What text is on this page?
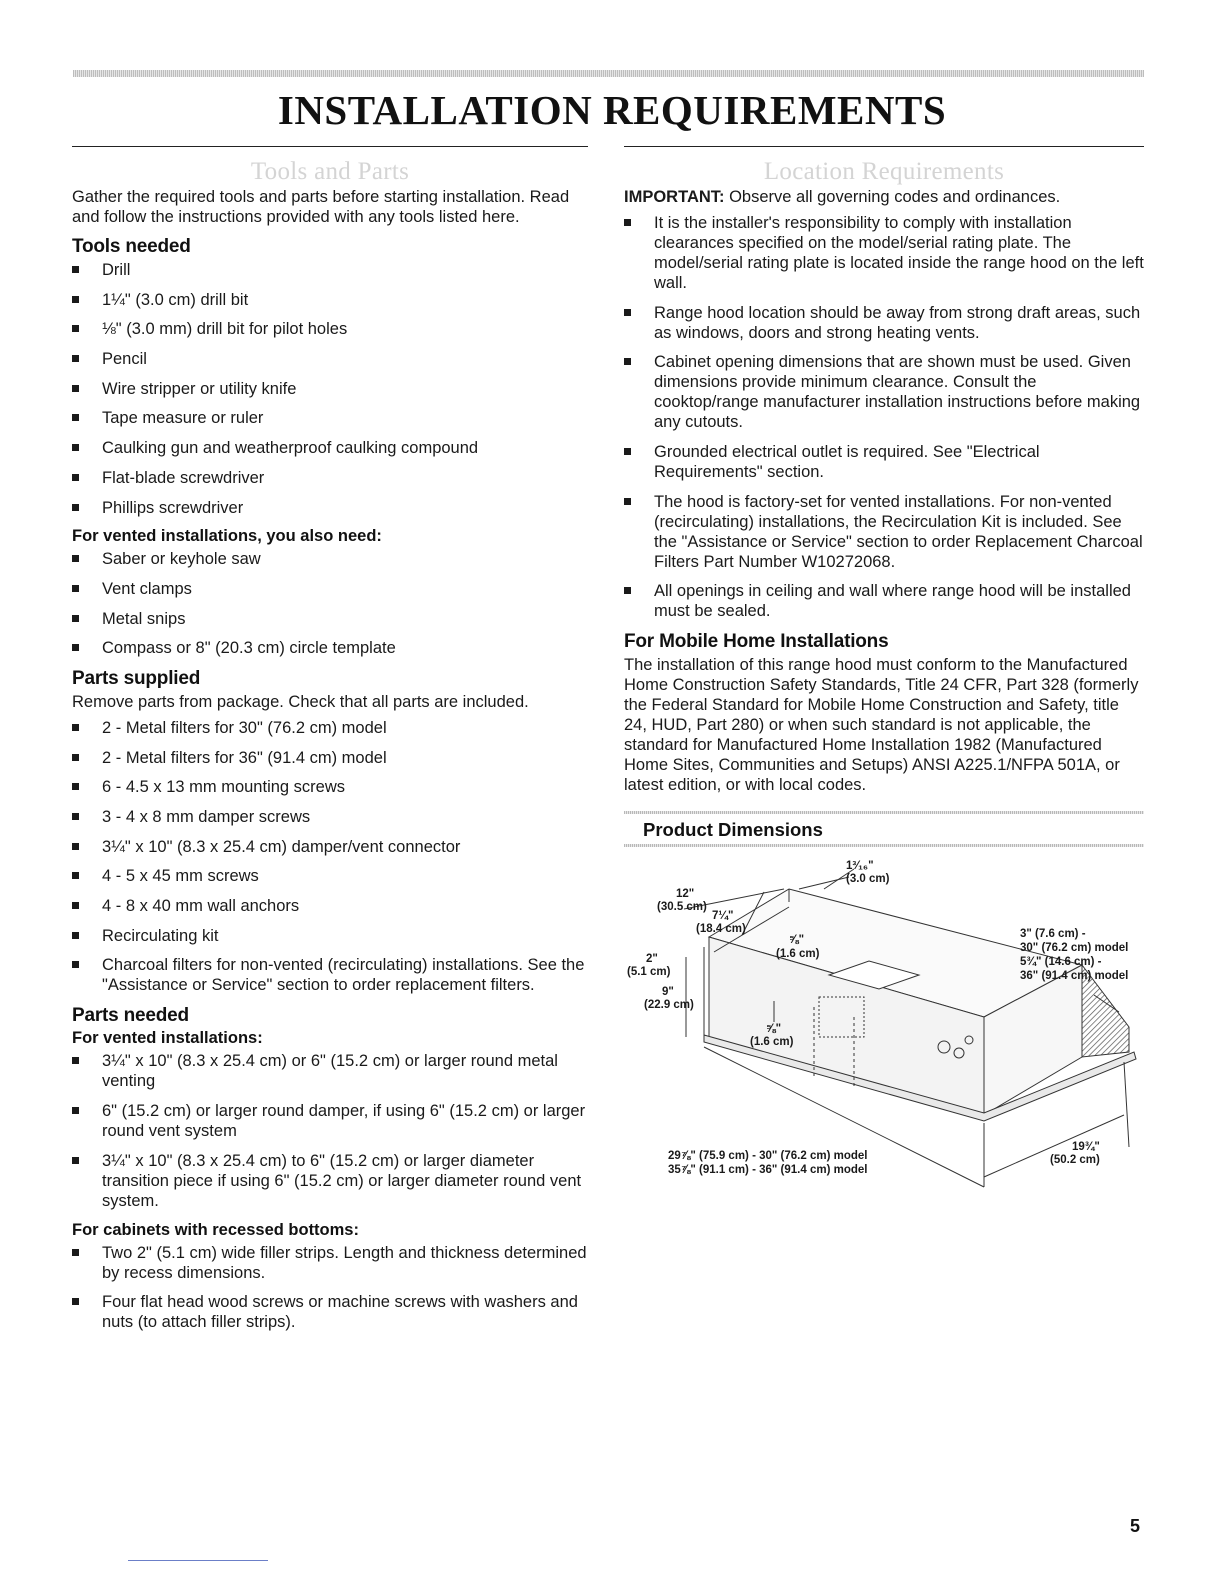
INSTALLATION REQUIREMENTS
Tools and Parts

Gather the required tools and parts before starting installation. Read and follow the instructions provided with any tools listed here.

Tools needed
Drill
1¼" (3.0 cm) drill bit
⅛" (3.0 mm) drill bit for pilot holes
Pencil
Wire stripper or utility knife
Tape measure or ruler
Caulking gun and weatherproof caulking compound
Flat-blade screwdriver
Phillips screwdriver
For vented installations, you also need:
Saber or keyhole saw
Vent clamps
Metal snips
Compass or 8" (20.3 cm) circle template
Parts supplied

Remove parts from package. Check that all parts are included.

2 - Metal filters for 30" (76.2 cm) model
2 - Metal filters for 36" (91.4 cm) model
6 - 4.5 x 13 mm mounting screws
3 - 4 x 8 mm damper screws
3¼" x 10" (8.3 x 25.4 cm) damper/vent connector
4 - 5 x 45 mm screws
4 - 8 x 40 mm wall anchors
Recirculating kit
Charcoal filters for non-vented (recirculating) installations. See the "Assistance or Service" section to order replacement filters.
Parts needed
For vented installations:
3¼" x 10" (8.3 x 25.4 cm) or 6" (15.2 cm) or larger round metal venting
6" (15.2 cm) or larger round damper, if using 6" (15.2 cm) or larger round vent system
3¼" x 10" (8.3 x 25.4 cm) to 6" (15.2 cm) or larger diameter transition piece if using 6" (15.2 cm) or larger diameter round vent system.
For cabinets with recessed bottoms:
Two 2" (5.1 cm) wide filler strips. Length and thickness determined by recess dimensions.
Four flat head wood screws or machine screws with washers and nuts (to attach filler strips).
Location Requirements

IMPORTANT: Observe all governing codes and ordinances.

It is the installer's responsibility to comply with installation clearances specified on the model/serial rating plate. The model/serial rating plate is located inside the range hood on the left wall.
Range hood location should be away from strong draft areas, such as windows, doors and strong heating vents.
Cabinet opening dimensions that are shown must be used. Given dimensions provide minimum clearance. Consult the cooktop/range manufacturer installation instructions before making any cutouts.
Grounded electrical outlet is required. See "Electrical Requirements" section.
The hood is factory-set for vented installations. For non-vented (recirculating) installations, the Recirculation Kit is included. See the "Assistance or Service" section to order Replacement Charcoal Filters Part Number W10272068.
All openings in ceiling and wall where range hood will be installed must be sealed.
For Mobile Home Installations

The installation of this range hood must conform to the Manufactured Home Construction Safety Standards, Title 24 CFR, Part 328 (formerly the Federal Standard for Mobile Home Construction and Safety, title 24, HUD, Part 280) or when such standard is not applicable, the standard for Manufactured Home Installation 1982 (Manufactured Home Sites, Communities and Setups) ANSI A225.1/NFPA 501A, or latest edition, or with local codes.

Product Dimensions
1³⁄₁₆"
(3.0 cm)
12"
(30.5 cm)
7¼"
(18.4 cm)
⅝"
(1.6 cm)
2"
(5.1 cm)
9"
(22.9 cm)
⅝"
(1.6 cm)
3" (7.6 cm) -
30" (76.2 cm) model
5¾" (14.6 cm) -
36" (91.4 cm) model
29⅞" (75.9 cm) - 30" (76.2 cm) model
35⅞" (91.1 cm) - 36" (91.4 cm) model
19¾"
(50.2 cm)
5
